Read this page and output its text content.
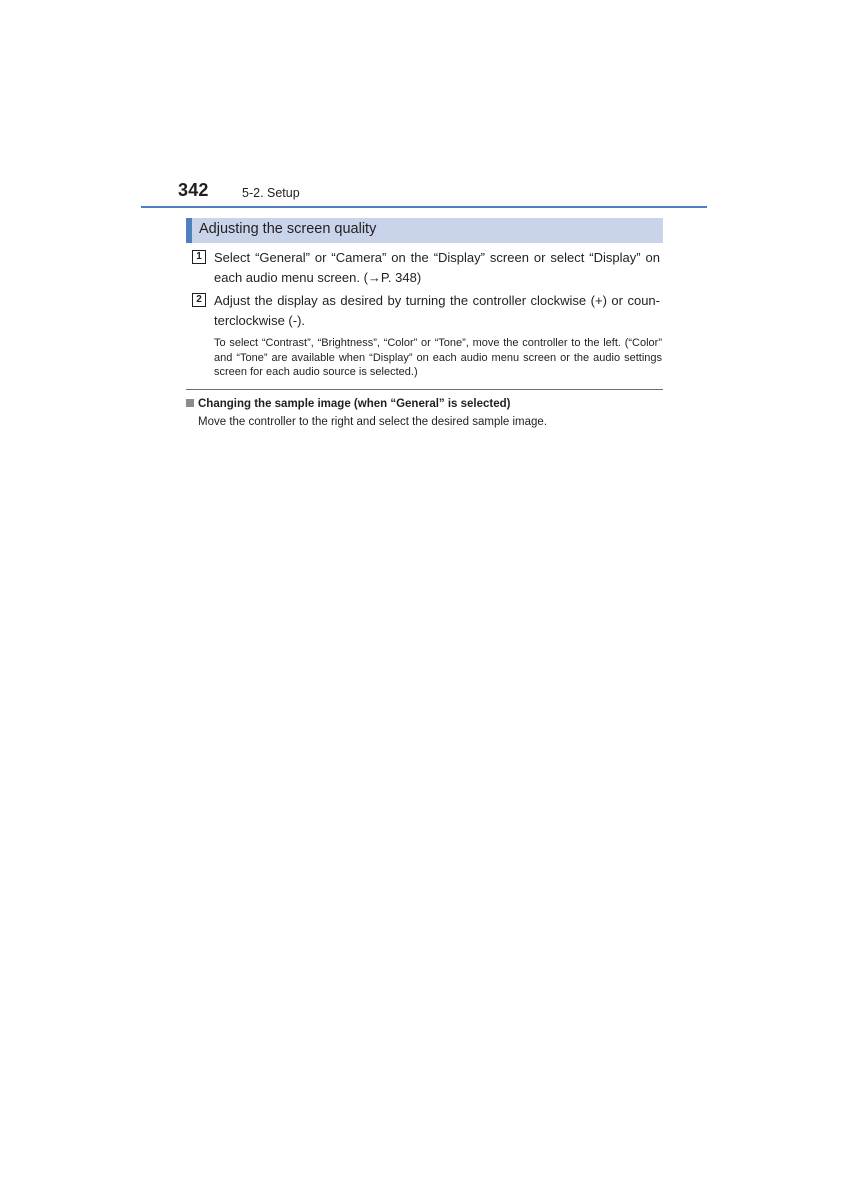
342	5-2. Setup
Adjusting the screen quality
1 Select “General” or “Camera” on the “Display” screen or select “Display” on each audio menu screen. (→P. 348)
2 Adjust the display as desired by turning the controller clockwise (+) or coun-terclockwise (-).
To select “Contrast”, “Brightness”, “Color” or “Tone”, move the controller to the left. (“Color” and “Tone” are available when “Display” on each audio menu screen or the audio settings screen for each audio source is selected.)
Changing the sample image (when “General” is selected)
Move the controller to the right and select the desired sample image.
